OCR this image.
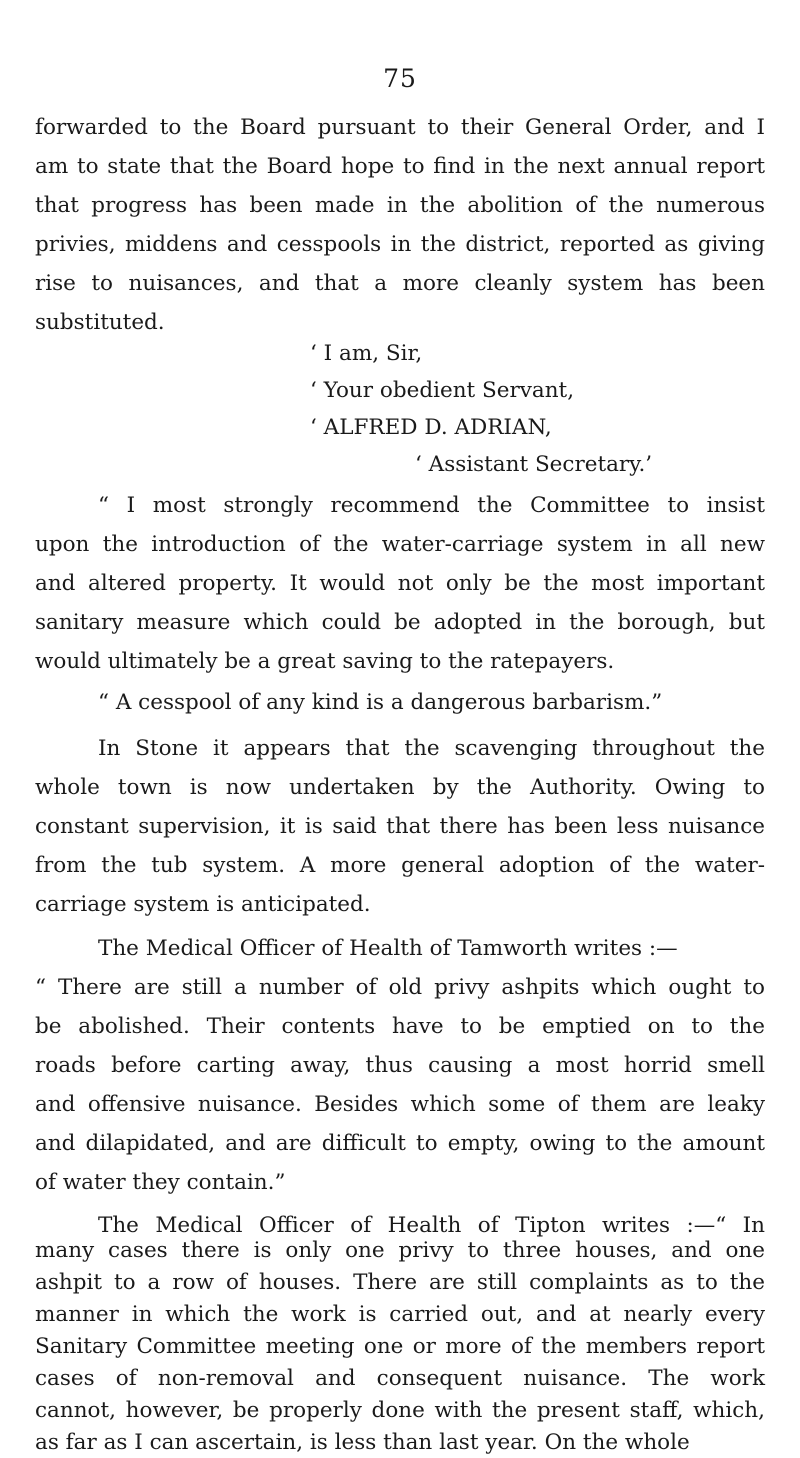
75
forwarded to the Board pursuant to their General Order, and I
am to state that the Board hope to find in the next annual report
that progress has been made in the abolition of the numerous
privies, middens and cesspools in the district, reported as giving
rise to nuisances, and that a more cleanly system has been
substituted.
‘ I am, Sir,
‘ Your obedient Servant,
‘ ALFRED D. ADRIAN,
‘ Assistant Secretary.’
“ I most strongly recommend the Committee to insist
upon the introduction of the water-carriage system in all new
and altered property. It would not only be the most important
sanitary measure which could be adopted in the borough, but
would ultimately be a great saving to the ratepayers.
“ A cesspool of any kind is a dangerous barbarism.”
In Stone it appears that the scavenging throughout the
whole town is now undertaken by the Authority. Owing to
constant supervision, it is said that there has been less nuisance
from the tub system. A more general adoption of the water-
carriage system is anticipated.
The Medical Officer of Health of Tamworth writes :—
“ There are still a number of old privy ashpits which ought to
be abolished. Their contents have to be emptied on to the
roads before carting away, thus causing a most horrid smell
and offensive nuisance. Besides which some of them are leaky
and dilapidated, and are difficult to empty, owing to the amount
of water they contain.”
The Medical Officer of Health of Tipton writes :—“ In
many cases there is only one privy to three houses, and one
ashpit to a row of houses. There are still complaints as to the
manner in which the work is carried out, and at nearly every
Sanitary Committee meeting one or more of the members report
cases of non-removal and consequent nuisance. The work
cannot, however, be properly done with the present staff, which,
as far as I can ascertain, is less than last year. On the whole
